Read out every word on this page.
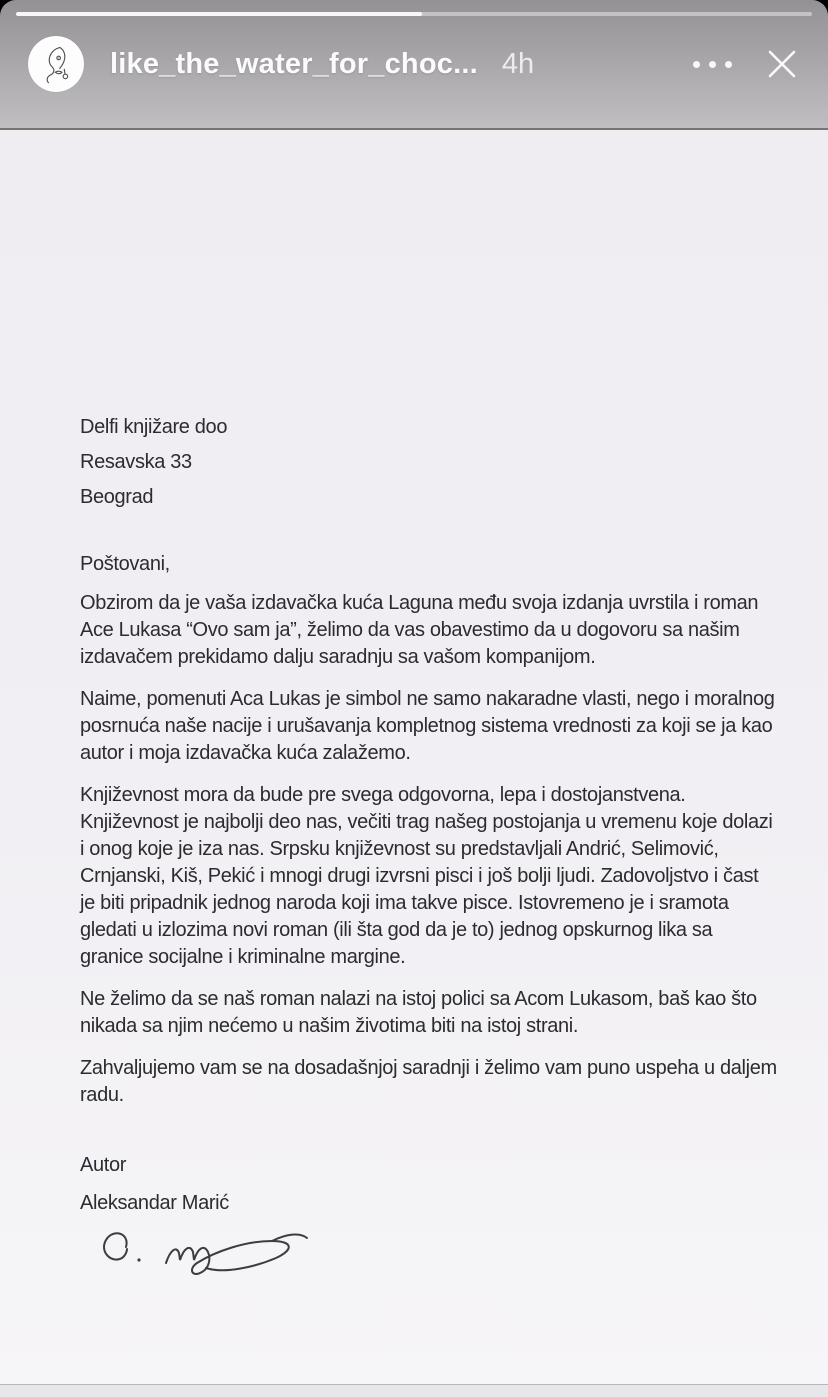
Delfi knjižare doo

Resavska 33

Beograd

Poštovani,

Obzirom da je vaša izdavačka kuća Laguna među svoja izdanja uvrstila i roman Ace Lukasa “Ovo sam ja”, želimo da vas obavestimo da u dogovoru sa našim izdavačem prekidamo dalju saradnju sa vašom kompanijom.

Naime, pomenuti Aca Lukas je simbol ne samo nakaradne vlasti, nego i moralnog posrnuća naše nacije i urušavanja kompletnog sistema vrednosti za koji se ja kao autor i moja izdavačka kuća zalažemo.

Književnost mora da bude pre svega odgovorna, lepa i dostojanstvena. Književnost je najbolji deo nas, večiti trag našeg postojanja u vremenu koje dolazi i onog koje je iza nas. Srpsku književnost su predstavljali Andrić, Selimović, Crnjanski, Kiš, Pekić i mnogi drugi izvrsni pisci i još bolji ljudi. Zadovoljstvo i čast je biti pripadnik jednog naroda koji ima takve pisce. Istovremeno je i sramota gledati u izlozima novi roman (ili šta god da je to) jednog opskurnog lika sa granice socijalne i kriminalne margine.

Ne želimo da se naš roman nalazi na istoj polici sa Acom Lukasom, baš kao što nikada sa njim nećemo u našim životima biti na istoj strani.

Zahvaljujemo vam se na dosadašnjoj saradnji i želimo vam puno uspeha u daljem radu.

Autor

Aleksandar Marić

like_the_water_for_choc... 4h
